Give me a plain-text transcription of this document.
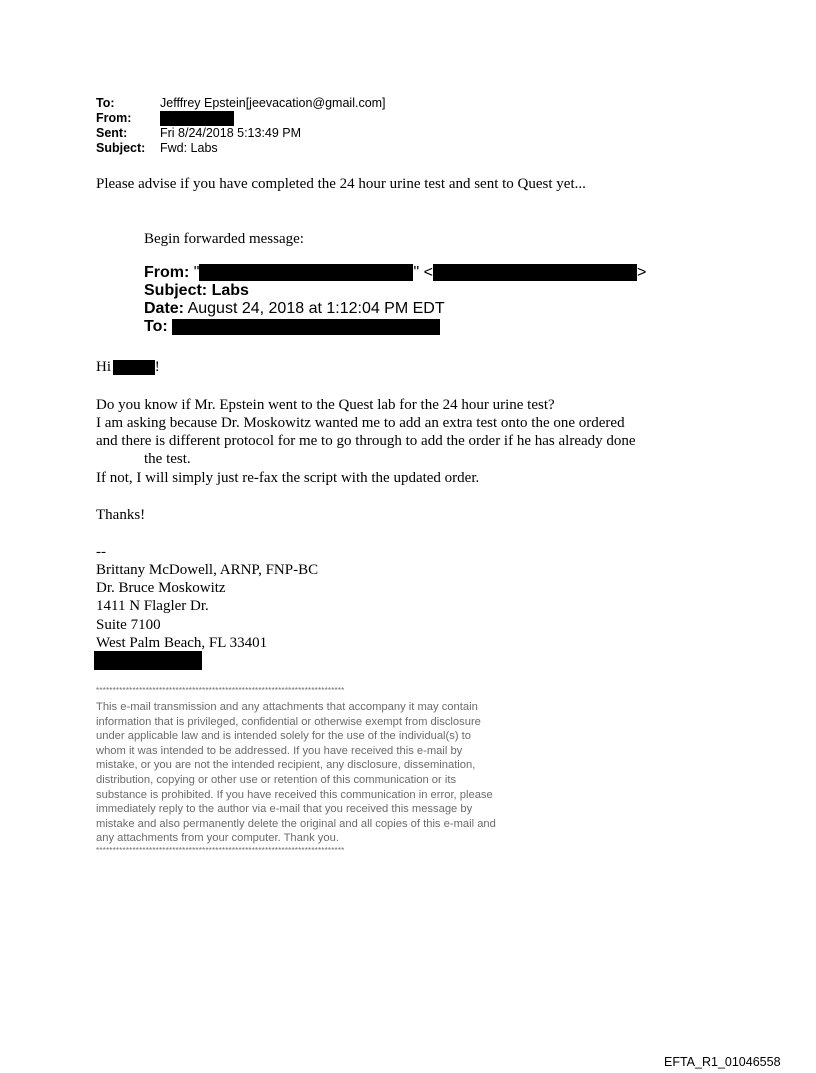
To:	Jefffrey Epstein[jeevacation@gmail.com]
From:
Sent:	Fri 8/24/2018 5:13:49 PM
Subject:	Fwd: Labs
Please advise if you have completed the 24 hour urine test and sent to Quest yet...
Begin forwarded message:
From: "	" <	>
Subject: Labs
Date: August 24, 2018 at 1:12:04 PM EDT
To:
Hi	!
Do you know if Mr. Epstein went to the Quest lab for the 24 hour urine test?
I am asking because Dr. Moskowitz wanted me to add an extra test onto the one ordered
and there is different protocol for me to go through to add the order if he has already done
the test.
If not, I will simply just re-fax the script with the updated order.
Thanks!
--
Brittany McDowell, ARNP, FNP-BC
Dr. Bruce Moskowitz
1411 N Flagler Dr.
Suite 7100
West Palm Beach, FL 33401
***************************************************************************
This e-mail transmission and any attachments that accompany it may contain information that is privileged, confidential or otherwise exempt from disclosure under applicable law and is intended solely for the use of the individual(s) to whom it was intended to be addressed. If you have received this e-mail by mistake, or you are not the intended recipient, any disclosure, dissemination, distribution, copying or other use or retention of this communication or its substance is prohibited. If you have received this communication in error, please immediately reply to the author via e-mail that you received this message by mistake and also permanently delete the original and all copies of this e-mail and any attachments from your computer. Thank you.
***************************************************************************
EFTA_R1_01046558
